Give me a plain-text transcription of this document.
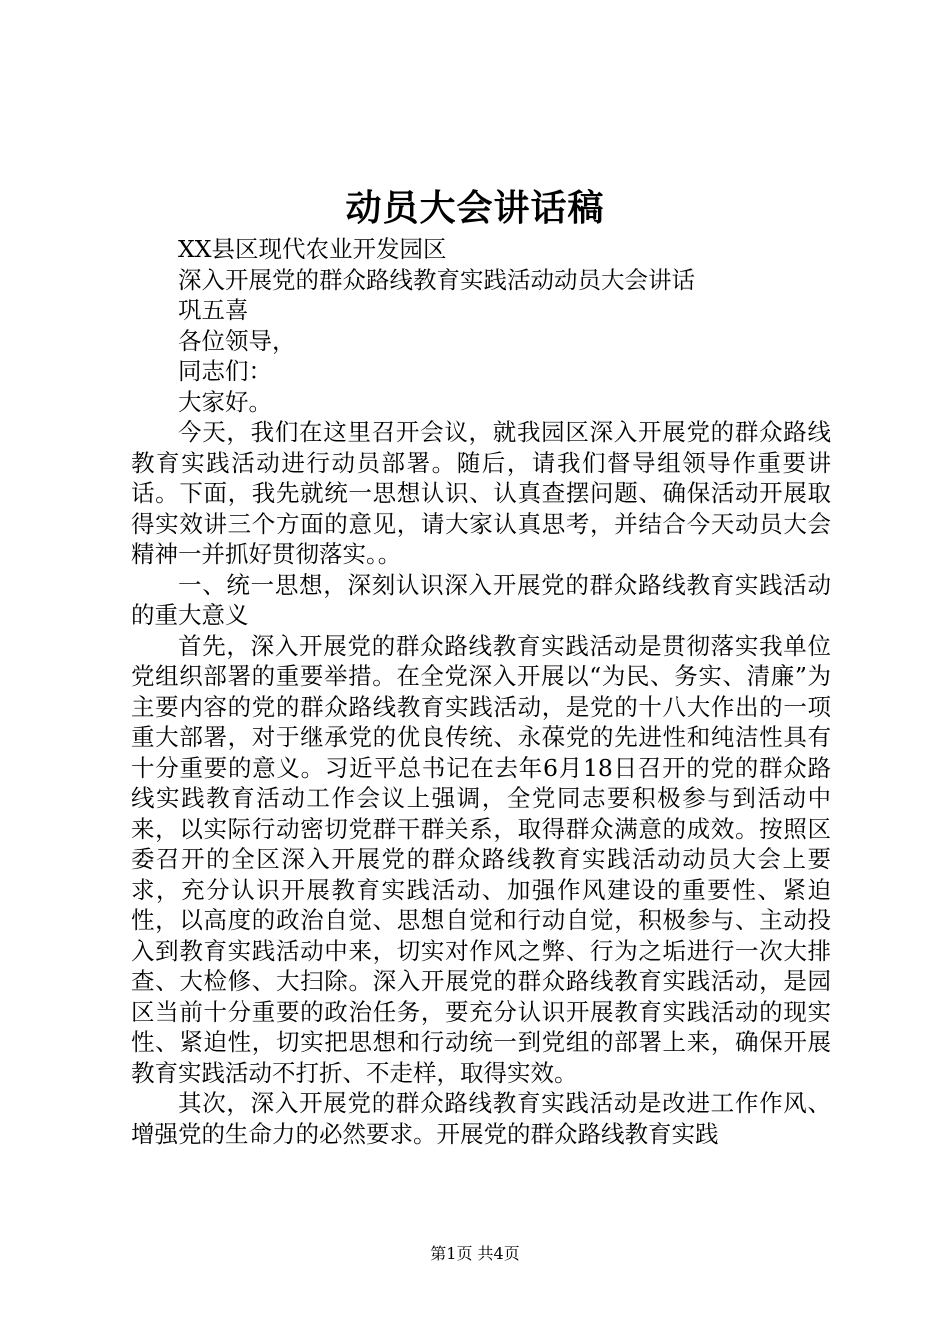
动员大会讲话稿

XX县区现代农业开发园区

深入开展党的群众路线教育实践活动动员大会讲话

巩五喜

各位领导，

同志们：

大家好。

今天，我们在这里召开会议，就我园区深入开展党的群众路线教育实践活动进行动员部署。随后，请我们督导组领导作重要讲话。下面，我先就统一思想认识、认真查摆问题、确保活动开展取得实效讲三个方面的意见，请大家认真思考，并结合今天动员大会精神一并抓好贯彻落实。。

一、统一思想，深刻认识深入开展党的群众路线教育实践活动的重大意义

首先，深入开展党的群众路线教育实践活动是贯彻落实我单位党组织部署的重要举措。在全党深入开展以“为民、务实、清廉”为主要内容的党的群众路线教育实践活动，是党的十八大作出的一项重大部署，对于继承党的优良传统、永葆党的先进性和纯洁性具有十分重要的意义。习近平总书记在去年6月18日召开的党的群众路线实践教育活动工作会议上强调，全党同志要积极参与到活动中来，以实际行动密切党群干群关系，取得群众满意的成效。按照区委召开的全区深入开展党的群众路线教育实践活动动员大会上要求，充分认识开展教育实践活动、加强作风建设的重要性、紧迫性，以高度的政治自觉、思想自觉和行动自觉，积极参与、主动投入到教育实践活动中来，切实对作风之弊、行为之垢进行一次大排查、大检修、大扫除。深入开展党的群众路线教育实践活动，是园区当前十分重要的政治任务，要充分认识开展教育实践活动的现实性、紧迫性，切实把思想和行动统一到党组的部署上来，确保开展教育实践活动不打折、不走样，取得实效。

其次，深入开展党的群众路线教育实践活动是改进工作作风、增强党的生命力的必然要求。开展党的群众路线教育实践

第1页 共4页
